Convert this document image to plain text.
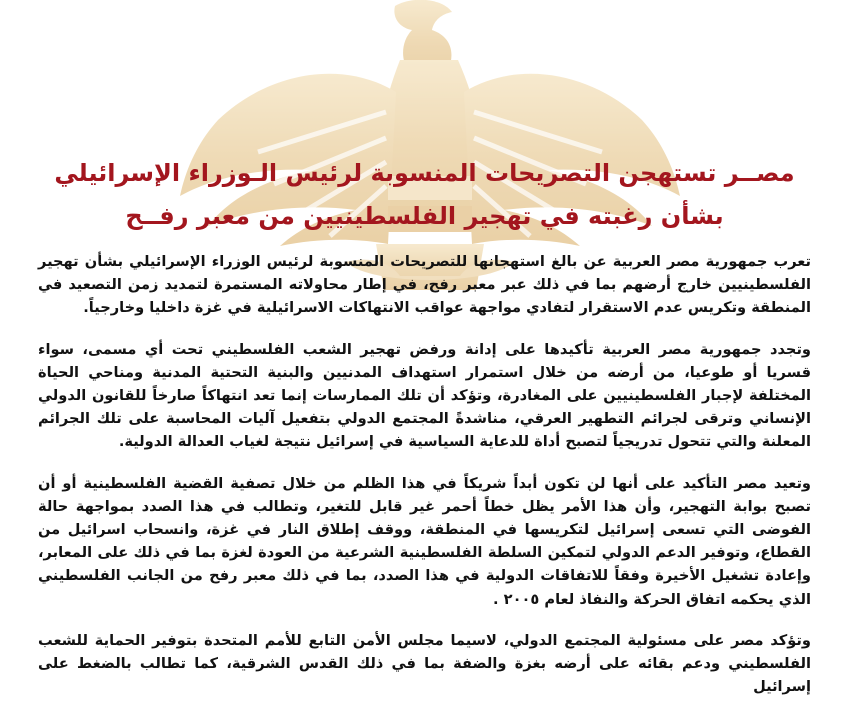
مصــر تستهجن التصريحات المنسوبة لرئيس الـوزراء الإسرائيلي
بشأن رغبته في تهجير الفلسطينيين من معبر رفــح

تعرب جمهورية مصر العربية عن بالغ استهجانها للتصريحات المنسوبة لرئيس الوزراء الإسرائيلي بشأن تهجير الفلسطينيين خارج أرضهم بما في ذلك عبر معبر رفح، في إطار محاولاته المستمرة لتمديد زمن التصعيد في المنطقة وتكريس عدم الاستقرار لتفادي مواجهة عواقب الانتهاكات الاسرائيلية في غزة داخليا وخارجياً.

وتجدد جمهورية مصر العربية تأكيدها على إدانة ورفض تهجير الشعب الفلسطيني تحت أي مسمى، سواء قسريا أو طوعيا، من أرضه من خلال استمرار استهداف المدنيين والبنية التحتية المدنية ومناحي الحياة المختلفة لإجبار الفلسطينيين على المغادرة، وتؤكد أن تلك الممارسات إنما تعد انتهاكاً صارخاً للقانون الدولي الإنساني وترقى لجرائم التطهير العرقي، مناشدةً المجتمع الدولي بتفعيل آليات المحاسبة على تلك الجرائم المعلنة والتي تتحول تدريجياً لتصبح أداة للدعاية السياسية في إسرائيل نتيجة لغياب العدالة الدولية.

وتعيد مصر التأكيد على أنها لن تكون أبداً شريكاً في هذا الظلم من خلال تصفية القضية الفلسطينية أو أن تصبح بوابة التهجير، وأن هذا الأمر يظل خطاً أحمر غير قابل للتغير، وتطالب في هذا الصدد بمواجهة حالة الفوضى التي تسعى إسرائيل لتكريسها في المنطقة، ووقف إطلاق النار في غزة، وانسحاب اسرائيل من القطاع، وتوفير الدعم الدولي لتمكين السلطة الفلسطينية الشرعية من العودة لغزة بما في ذلك على المعابر، وإعادة تشغيل الأخيرة وفقاً للاتفاقات الدولية في هذا الصدد، بما في ذلك معبر رفح من الجانب الفلسطيني الذي يحكمه اتفاق الحركة والنفاذ لعام ٢٠٠٥ .

وتؤكد مصر على مسئولية المجتمع الدولي، لاسيما مجلس الأمن التابع للأمم المتحدة بتوفير الحماية للشعب الفلسطيني ودعم بقائه على أرضه بغزة والضفة بما في ذلك القدس الشرقية، كما تطالب بالضغط على إسرائيل
